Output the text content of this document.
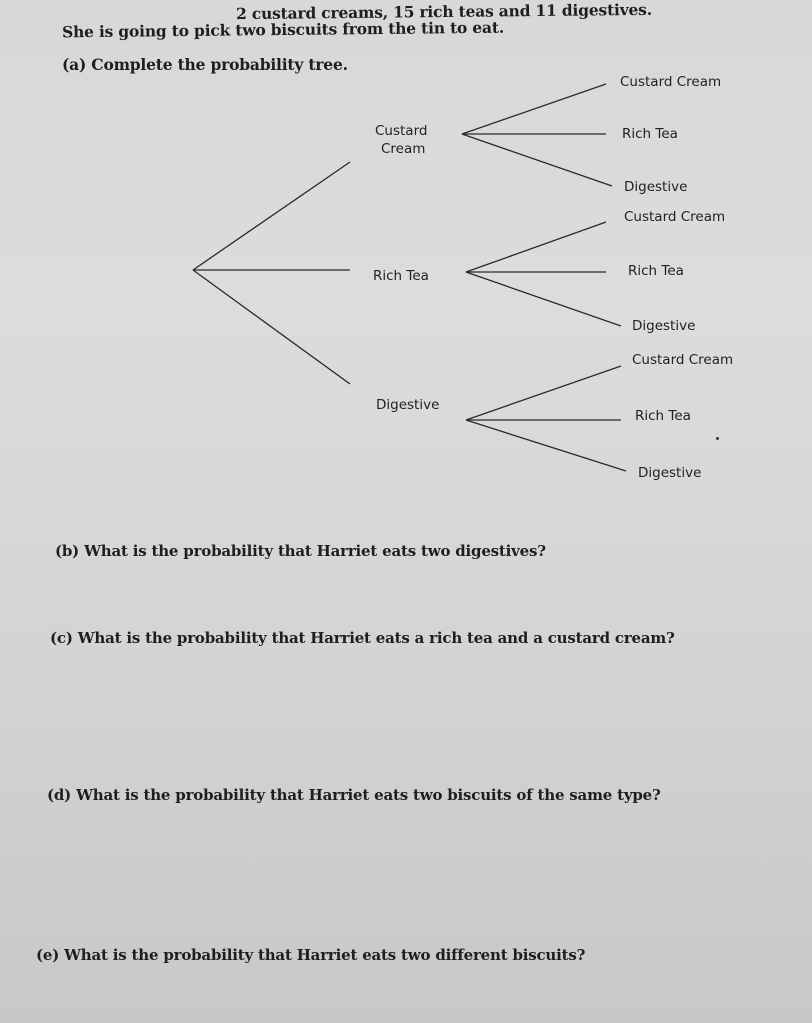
2 custard creams, 15 rich teas and 11 digestives.
She is going to pick two biscuits from the tin to eat.
(a) Complete the probability tree.
Custard
Cream
Rich Tea
Digestive
Custard Cream
Rich Tea
Digestive
Custard Cream
Rich Tea
Digestive
Custard Cream
Rich Tea
Digestive
(b) What is the probability that Harriet eats two digestives?
(c) What is the probability that Harriet eats a rich tea and a custard cream?
(d) What is the probability that Harriet eats two biscuits of the same type?
(e) What is the probability that Harriet eats two different biscuits?
